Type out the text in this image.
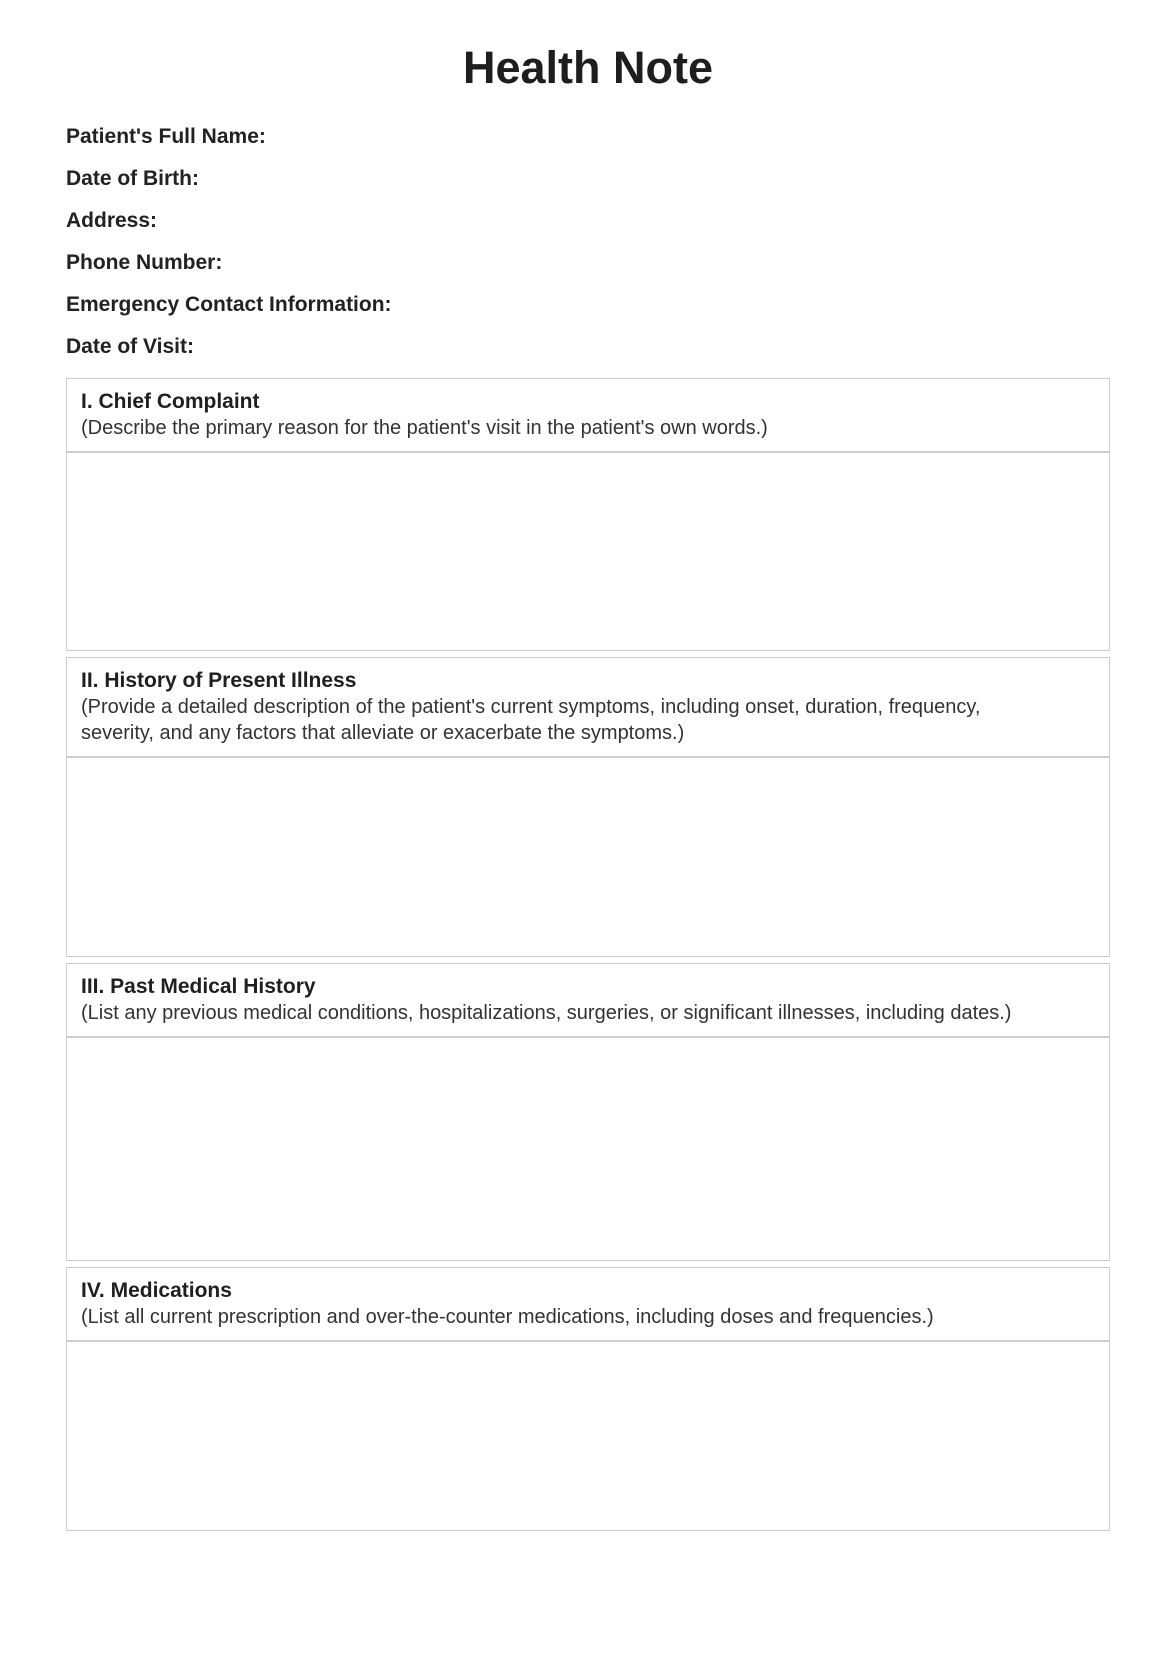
Health Note
Patient's Full Name:
Date of Birth:
Address:
Phone Number:
Emergency Contact Information:
Date of Visit:
I. Chief Complaint
(Describe the primary reason for the patient's visit in the patient's own words.)
II. History of Present Illness
(Provide a detailed description of the patient's current symptoms, including onset, duration, frequency, severity, and any factors that alleviate or exacerbate the symptoms.)
III. Past Medical History
(List any previous medical conditions, hospitalizations, surgeries, or significant illnesses, including dates.)
IV. Medications
(List all current prescription and over-the-counter medications, including doses and frequencies.)
